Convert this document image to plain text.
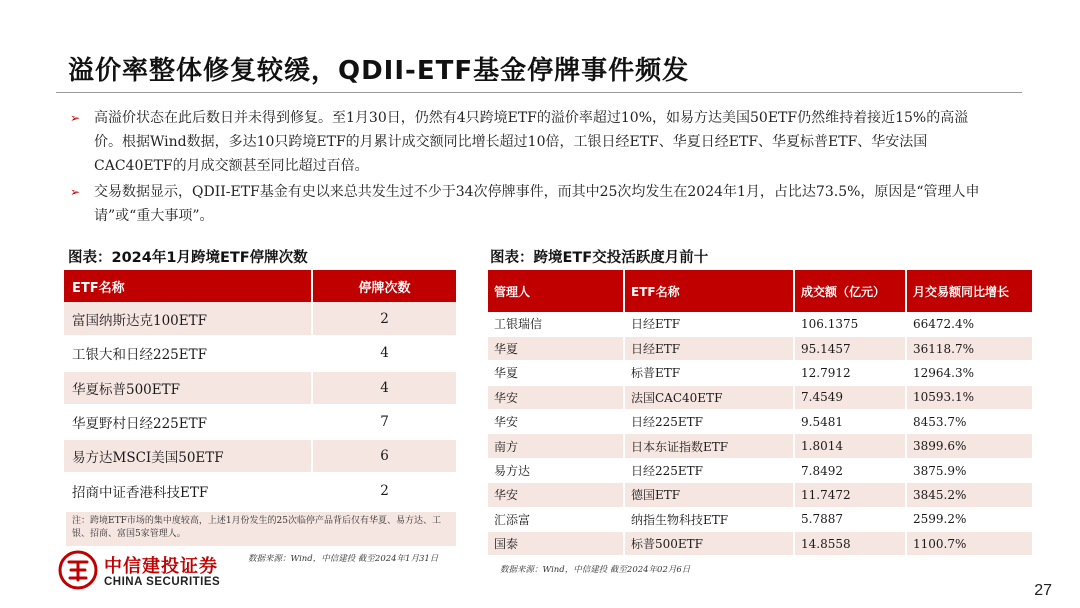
溢价率整体修复较缓，QDII-ETF基金停牌事件频发
➢ 高溢价状态在此后数日并未得到修复。至1月30日，仍然有4只跨境ETF的溢价率超过10%，如易方达美国50ETF仍然维持着接近15%的高溢价。根据Wind数据，多达10只跨境ETF的月累计成交额同比增长超过10倍，工银日经ETF、华夏日经ETF、华夏标普ETF、华安法国CAC40ETF的月成交额甚至同比超过百倍。
➢ 交易数据显示，QDII-ETF基金有史以来总共发生过不少于34次停牌事件，而其中25次均发生在2024年1月，占比达73.5%，原因是“管理人申请”或“重大事项”。
图表：2024年1月跨境ETF停牌次数	图表：跨境ETF交投活跃度月前十
ETF名称	停牌次数
富国纳斯达克100ETF	2
工银大和日经225ETF	4
华夏标普500ETF	4
华夏野村日经225ETF	7
易方达MSCI美国50ETF	6
招商中证香港科技ETF	2
注：跨境ETF市场的集中度较高，上述1月份发生的25次临停产品背后仅有华夏、易方达、工银、招商、富国5家管理人。
数据来源：Wind，中信建投 截至2024年1月31日
管理人	ETF名称	成交额（亿元）	月交易额同比增长
工银瑞信	日经ETF	106.1375	66472.4%
华夏	日经ETF	95.1457	36118.7%
华夏	标普ETF	12.7912	12964.3%
华安	法国CAC40ETF	7.4549	10593.1%
华安	日经225ETF	9.5481	8453.7%
南方	日本东证指数ETF	1.8014	3899.6%
易方达	日经225ETF	7.8492	3875.9%
华安	德国ETF	11.7472	3845.2%
汇添富	纳指生物科技ETF	5.7887	2599.2%
国泰	标普500ETF	14.8558	1100.7%
数据来源：Wind，中信建投 截至2024年02月6日
中信建投证券
CHINA SECURITIES	27
